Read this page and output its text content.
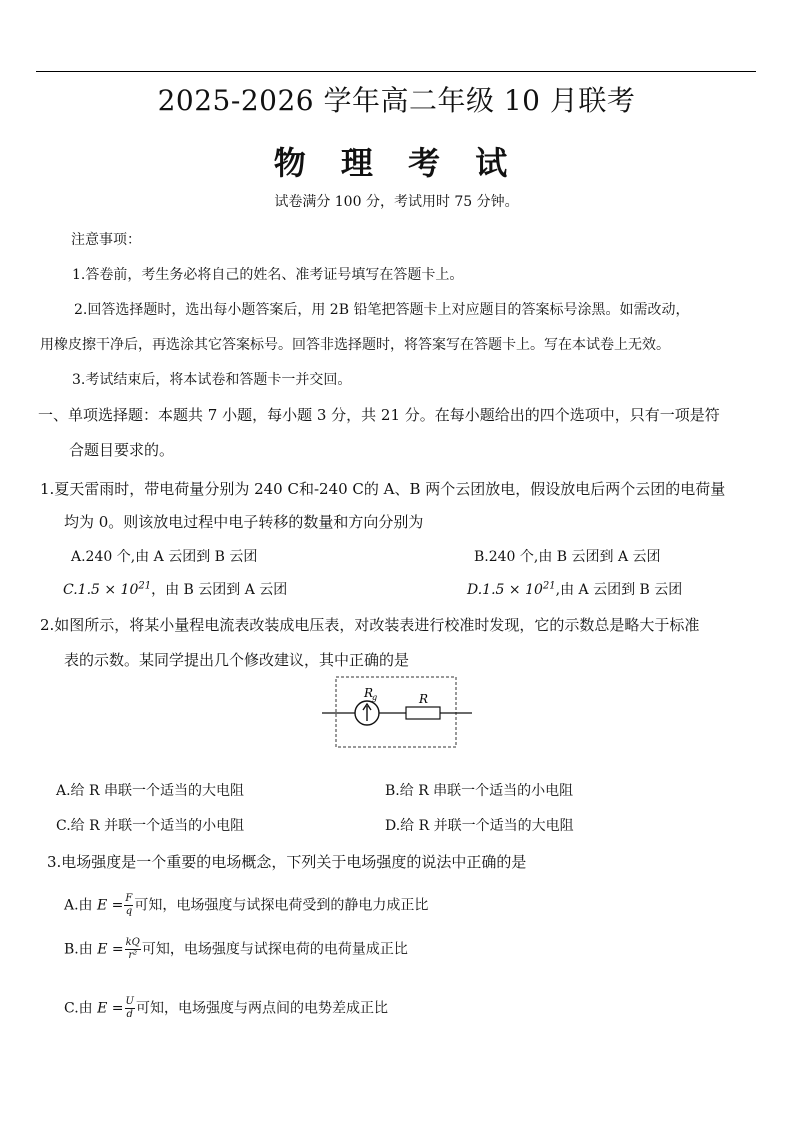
2025-2026 学年高二年级 10 月联考
物 理 考 试
试卷满分 100 分，考试用时 75 分钟。
注意事项：
1.答卷前，考生务必将自己的姓名、准考证号填写在答题卡上。
2.回答选择题时，选出每小题答案后，用 2B 铅笔把答题卡上对应题目的答案标号涂黑。如需改动，
用橡皮擦干净后，再选涂其它答案标号。回答非选择题时，将答案写在答题卡上。写在本试卷上无效。
3.考试结束后，将本试卷和答题卡一并交回。
一、单项选择题：本题共 7 小题，每小题 3 分，共 21 分。在每小题给出的四个选项中，只有一项是符
合题目要求的。
1.夏天雷雨时，带电荷量分别为 240 C和-240 C的 A、B 两个云团放电，假设放电后两个云团的电荷量
均为 0。则该放电过程中电子转移的数量和方向分别为
A.240 个,由 A 云团到 B 云团	B.240 个,由 B 云团到 A 云团
$C.1.5 \times 10^{21}$，由 B 云团到 A 云团	$D.1.5 \times 10^{21}$,由 A 云团到 B 云团
2.如图所示，将某小量程电流表改装成电压表，对改装表进行校准时发现，它的示数总是略大于标准
表的示数。某同学提出几个修改建议，其中正确的是
R
g	R
A.给 R 串联一个适当的大电阻	B.给 R 串联一个适当的小电阻
C.给 R 并联一个适当的小电阻	D.给 R 并联一个适当的大电阻
3.电场强度是一个重要的电场概念，下列关于电场强度的说法中正确的是
A.由 $E = \frac{F}{q}$ 可知，电场强度与试探电荷受到的静电力成正比
B.由 $E = \frac{kQ}{\text{r²}}$ 可知，电场强度与试探电荷的电荷量成正比
C.由 $E = \frac{U}{d}$ 可知，电场强度与两点间的电势差成正比
